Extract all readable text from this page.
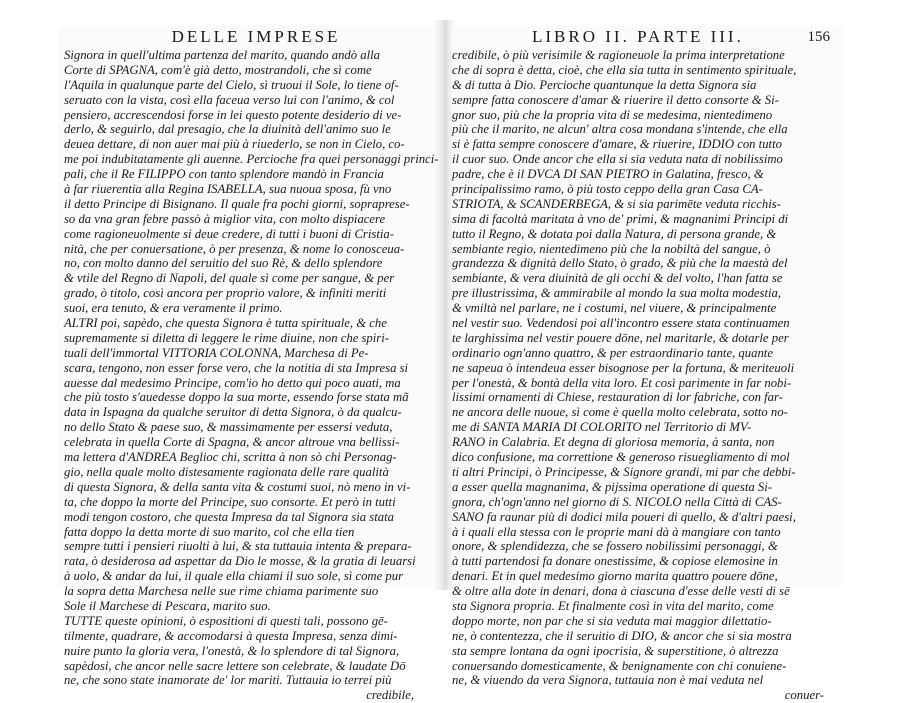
DELLE IMPRESE
Signora in quell'ultima partenza del marito, quando andò alla
Corte di SPAGNA, com'è già detto, mostrandoli, che sì come
l'Aquila in qualunque parte del Cielo, sì truoui il Sole, lo tiene of-
seruato con la vista, così ella faceua verso lui con l'animo, & col
pensiero, accrescendosi forse in lei questo potente desiderio di ve-
derlo, & seguirlo, dal presagio, che la diuinità dell'animo suo le
deuea dettare, di non auer mai più à riuederlo, se non in Cielo, co-
me poi indubitatamente gli auenne. Percioche fra quei personaggi princi-
pali, che il Re FILIPPO con tanto splendore mandò in Francia
à far riuerentia alla Regina ISABELLA, sua nuoua sposa, fù vno
il detto Principe di Bisignano. Il quale fra pochi giorni, sopraprese-
so da vna gran febre passò à miglior vita, con molto dispiacere
come ragioneuolmente si deue credere, di tutti i buoni di Cristia-
nità, che per conuersatione, ò per presenza, & nome lo conosceua-
no, con molto danno del seruitio del suo Rè, & dello splendore
& vtile del Regno di Napoli, del quale sì come per sangue, & per
grado, ò titolo, così ancora per proprio valore, & infiniti meriti
suoi, era tenuto, & era veramente il primo.
ALTRI poi, sapèdo, che questa Signora è tutta spirituale, & che
supremamente si diletta di leggere le rime diuine, non che spiri-
tuali dell'immortal VITTORIA COLONNA, Marchesa di Pe-
scara, tengono, non esser forse vero, che la notitia di sta Impresa si
auesse dal medesimo Principe, com'io ho detto qui poco auati, ma
che più tosto s'auedesse doppo la sua morte, essendo forse stata mã
data in Ispagna da qualche seruitor di detta Signora, ò da qualcu-
no dello Stato & paese suo, & massimamente per essersi veduta,
celebrata in quella Corte di Spagna, & ancor altroue vna bellissi-
ma lettera d'ANDREA Beglioc chi, scritta à non sò chi Personag-
gio, nella quale molto distesamente ragionata delle rare qualità
di questa Signora, & della santa vita & costumi suoi, nò meno in vi-
ta, che doppo la morte del Principe, suo consorte. Et però in tutti
modi tengon costoro, che questa Impresa da tal Signora sia stata
fatta doppo la detta morte di suo marito, col che ella tien
sempre tutti i pensieri riuolti à lui, & sta tuttauia intenta & prepara-
rata, ò desiderosa ad aspettar da Dio le mosse, & la gratia di leuarsi
à uolo, & andar da lui, il quale ella chiami il suo sole, sì come pur
la sopra detta Marchesa nelle sue rime chiama parimente suo
Sole il Marchese di Pescara, marito suo.
TUTTE queste opinioni, ò espositioni di questi tali, possono gē-
tilmente, quadrare, & accomodarsi à questa Impresa, senza dimi-
nuire punto la gloria vera, l'onestà, & lo splendore di tal Signora,
sapèdosi, che ancor nelle sacre lettere son celebrate, & laudate Dō
ne, che sono state inamorate de' lor mariti. Tuttauia io terrei più
credibile,
LIBRO II. PARTE III.	156
credibile, ò più verisimile & ragioneuole la prima interpretatione
che di sopra è detta, cioè, che ella sia tutta in sentimento spirituale,
& di tutta à Dio. Percioche quantunque la detta Signora sia
sempre fatta conoscere d'amar & riuerire il detto consorte & Si-
gnor suo, più che la propria vita di se medesima, nientedimeno
più che il marito, ne alcun' altra cosa mondana s'intende, che ella
si è fatta sempre conoscere d'amare, & riuerire, IDDIO con tutto
il cuor suo. Onde ancor che ella si sia veduta nata di nobilissimo
padre, che è il DVCA DI SAN PIETRO in Galatina, fresco, &
principalissimo ramo, ò più tosto ceppo della gran Casa CA-
STRIOTA, & SCANDERBEGA, & si sia parimēte veduta ricchis-
sima di facoltà maritata à vno de' primi, & magnanimi Principi di
tutto il Regno, & dotata poi dalla Natura, di persona grande, &
sembiante regio, nientedimeno più che la nobiltà del sangue, ò
grandezza & dignità dello Stato, ò grado, & più che la maestà del
sembiante, & vera diuinità de gli occhi & del volto, l'han fatta se
pre illustrissima, & ammirabile al mondo la sua molta modestia,
& vmiltà nel parlare, ne i costumi, nel viuere, & principalmente
nel vestir suo. Vedendosi poi all'incontro essere stata continuamen
te larghissima nel vestir pouere dōne, nel maritarle, & dotarle per
ordinario ogn'anno quattro, & per estraordinario tante, quante
ne sapeua ò intendeua esser bisognose per la fortuna, & meriteuoli
per l'onestà, & bontà della vita loro. Et così parimente in far nobi-
lissimi ornamenti di Chiese, restauration di lor fabriche, con far-
ne ancora delle nuoue, sì come è quella molto celebrata, sotto no-
me di SANTA MARIA DI COLORITO nel Territorio di MV-
RANO in Calabria. Et degna di gloriosa memoria, à santa, non
dico confusione, ma correttione & generoso risuegliamento di mol
ti altri Principi, ò Principesse, & Signore grandi, mi par che debbi-
a esser quella magnanima, & pijssima operatione di questa Si-
gnora, ch'ogn'anno nel giorno di S. NICOLO nella Città di CAS-
SANO fa raunar più di dodici mila poueri di quello, & d'altri paesi,
à i quali ella stessa con le proprie mani dà à mangiare con tanto
onore, & splendidezza, che se fossero nobilissimi personaggi, &
à tutti partendosi fa donare onestissime, & copiose elemosine in
denari. Et in quel medesimo giorno marita quattro pouere dōne,
& oltre alla dote in denari, dona à ciascuna d'esse delle vesti di sē
sta Signora propria. Et finalmente così in vita del marito, come
doppo morte, non par che si sia veduta mai maggior dilettatio-
ne, ò contentezza, che il seruitio di DIO, & ancor che si sia mostra
sta sempre lontana da ogni ipocrisia, & superstitione, ò altrezza
conuersando domesticamente, & benignamente con chi conuiene-
ne, & viuendo da vera Signora, tuttauia non è mai veduta nel
conuer-
